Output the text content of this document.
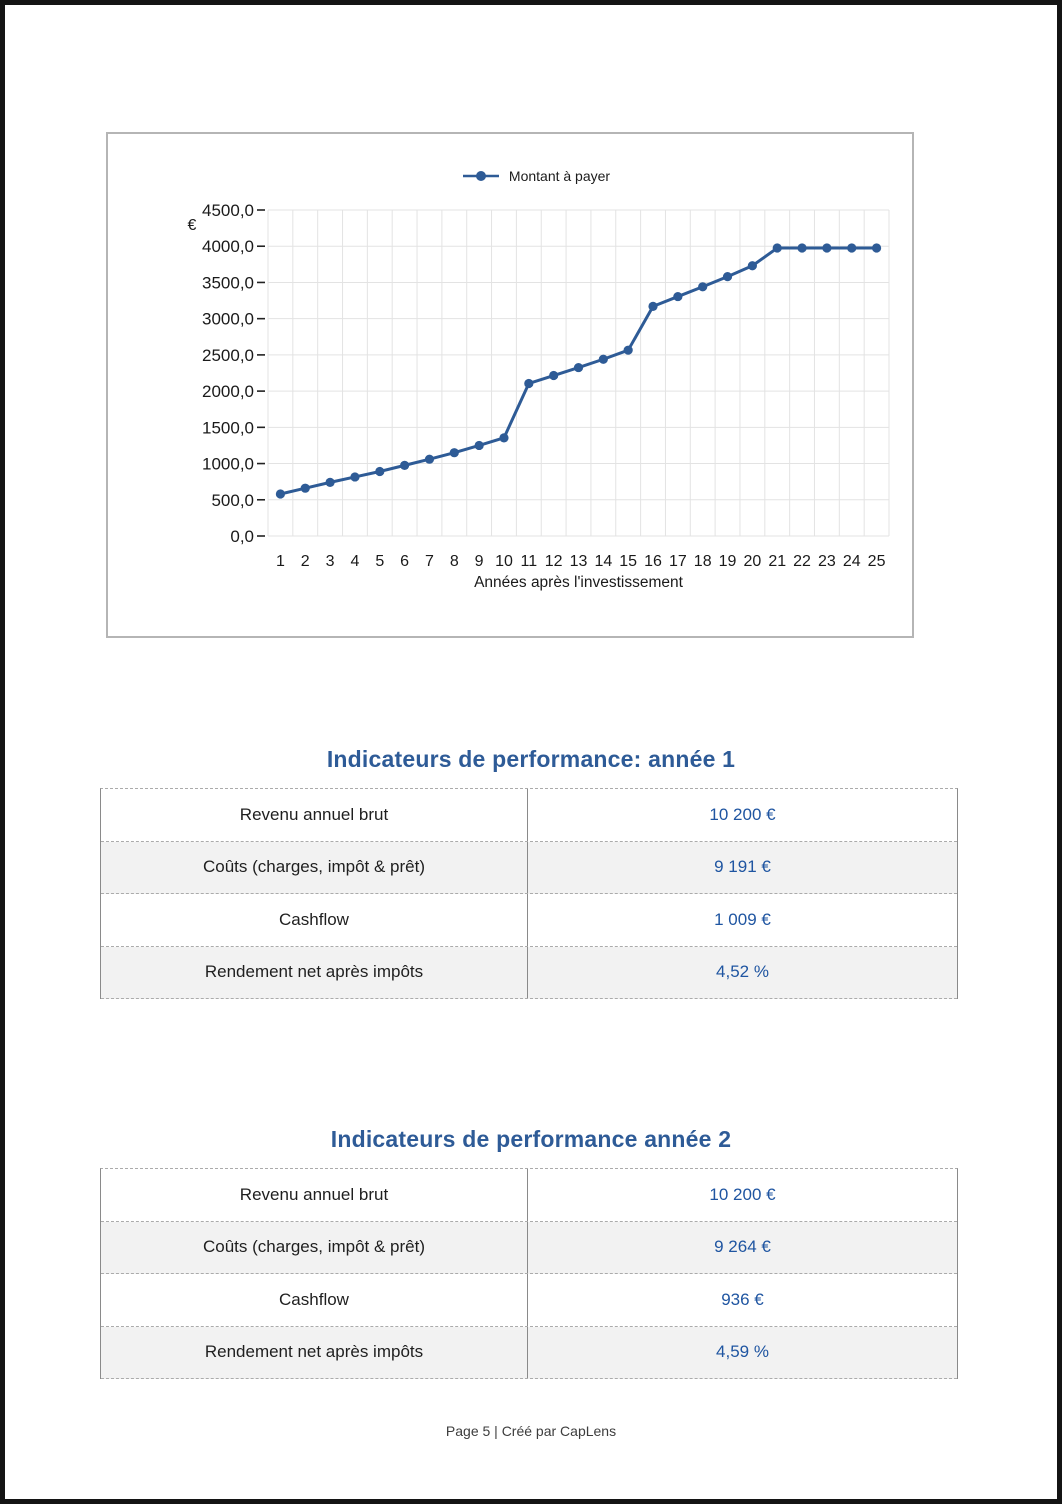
0,0
500,0
1000,0
1500,0
2000,0
2500,0
3000,0
3500,0
4000,0
4500,0
€
1 2 3 4 5 6 7 8 9 10 11 12 13 14 15 16 17 18 19 20 21 22 23 24 25
Années après l'investissement
Montant à payer
Indicateurs de performance: année 1
Revenu annuel brut	10 200 €
Coûts (charges, impôt & prêt)	9 191 €
Cashflow	1 009 €
Rendement net après impôts	4,52 %
Indicateurs de performance année 2
Revenu annuel brut	10 200 €
Coûts (charges, impôt & prêt)	9 264 €
Cashflow	936 €
Rendement net après impôts	4,59 %
Page 5 | Créé par CapLens
